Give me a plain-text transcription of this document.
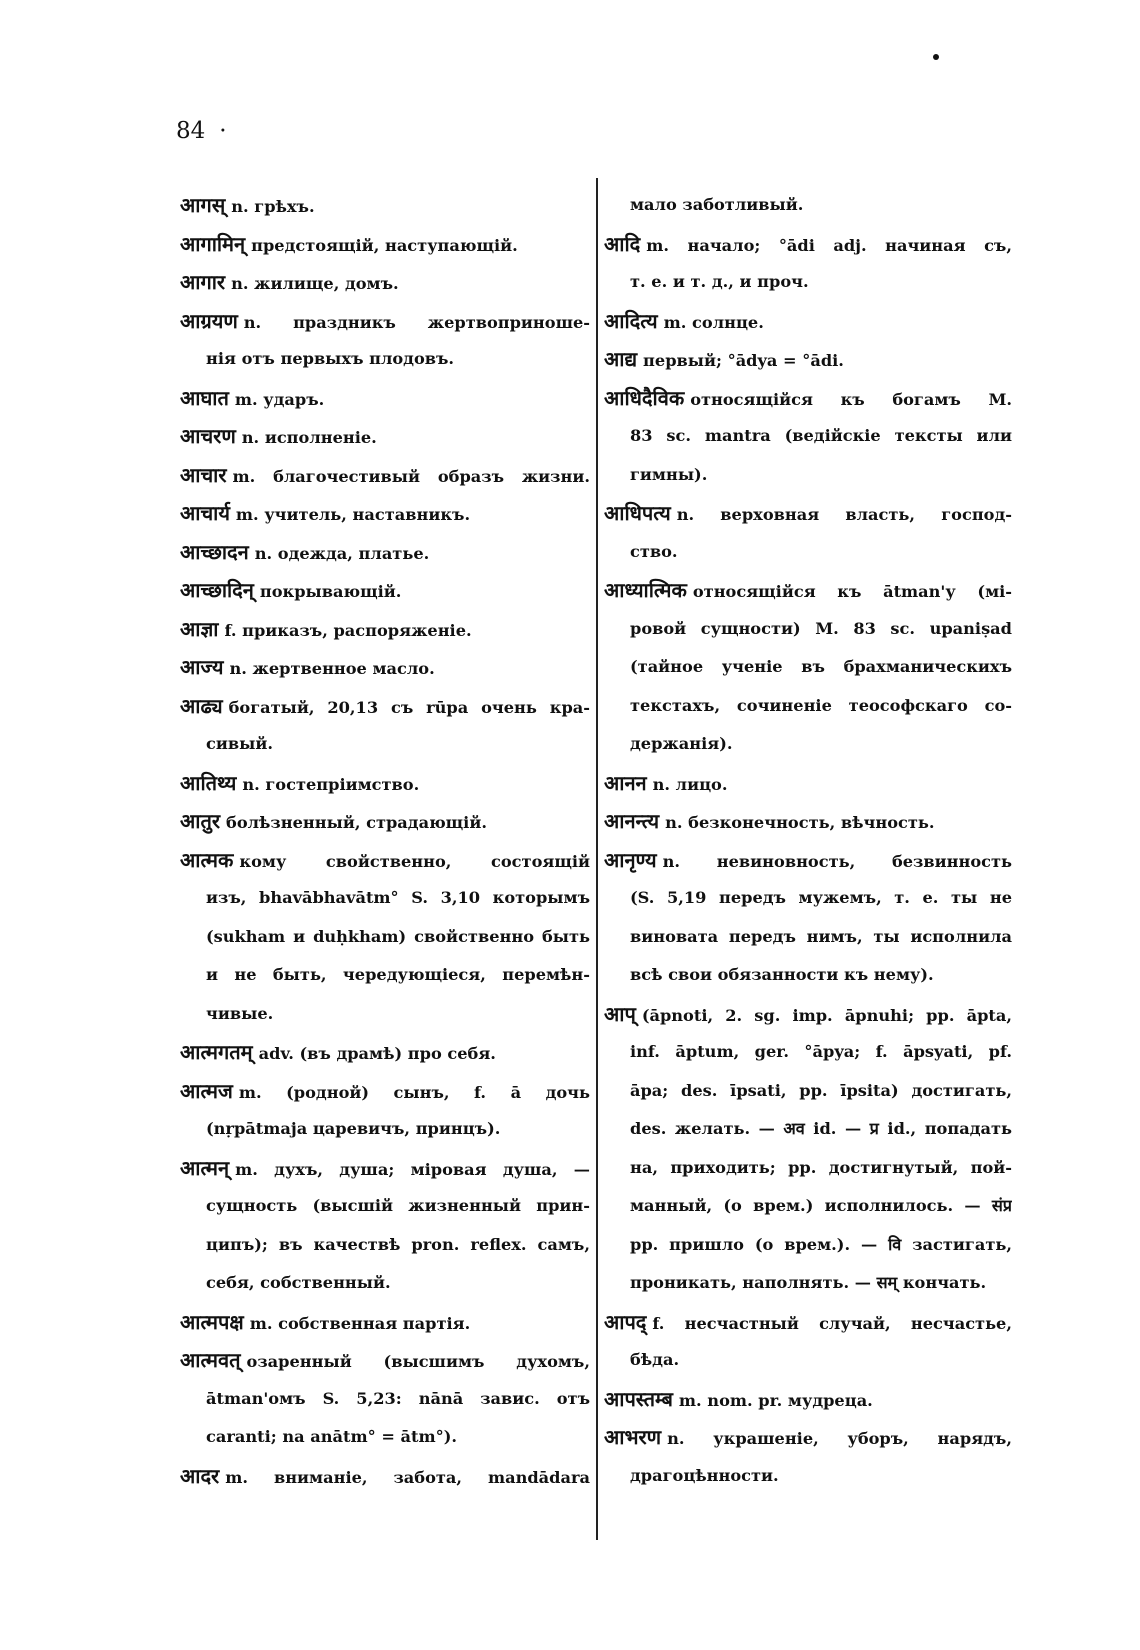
84 ·
आगस् n. грѣхъ.
आगामिन् предстоящій, наступающій.
आगार n. жилище, домъ.
आग्रयण n. праздникъ жертвоприноше-
нія отъ первыхъ плодовъ.
आघात m. ударъ.
आचरण n. исполненіе.
आचार m. благочестивый образъ жизни.
आचार्य m. учитель, наставникъ.
आच्छादन n. одежда, платье.
आच्छादिन् покрывающій.
आज्ञा f. приказъ, распоряженіе.
आज्य n. жертвенное масло.
आढ्य богатый, 20,13 съ rūpa очень кра-
сивый.
आतिथ्य n. гостепріимство.
आतुर болѣзненный, страдающій.
आत्मक кому свойственно, состоящій
изъ, bhavābhavātm° S. 3,10 которымъ
(sukham и duḥkham) свойственно быть
и не быть, чередующіеся, перемѣн-
чивые.
आत्मगतम् adv. (въ драмѣ) про себя.
आत्मज m. (родной) сынъ, f. ā дочь
(nṛpātmaja царевичъ, принцъ).
आत्मन् m. духъ, душа; міровая душа, —
сущность (высшій жизненный прин-
ципъ); въ качествѣ pron. reflex. самъ,
себя, собственный.
आत्मपक्ष m. собственная партія.
आत्मवत् озаренный (высшимъ духомъ,
ātman'омъ S. 5,23: nānā завис. отъ
caranti; na anātm° = ātm°).
आदर m. вниманіе, забота, mandādara
мало заботливый.
आदि m. начало; °ādi adj. начиная съ,
т. е. и т. д., и проч.
आदित्य m. солнце.
आद्य первый; °ādya = °ādi.
आधिदैविक относящійся къ богамъ M.
83 sc. mantra (ведійскіе тексты или
гимны).
आधिपत्य n. верховная власть, господ-
ство.
आध्यात्मिक относящійся къ ātman'у (мі-
ровой сущности) M. 83 sc. upaniṣad
(тайное ученіе въ брахманическихъ
текстахъ, сочиненіе теософскаго со-
держанія).
आनन n. лицо.
आनन्त्य n. безконечность, вѣчность.
आनृण्य n. невиновность, безвинность
(S. 5,19 передъ мужемъ, т. е. ты не
виновата передъ нимъ, ты исполнила
всѣ свои обязанности къ нему).
आप् (āpnoti, 2. sg. imp. āpnuhi; pp. āpta,
inf. āptum, ger. °āpya; f. āpsyati, pf.
āpa; des. īpsati, pp. īpsita) достигать,
des. желать. — अव id. — प्र id., попадать
на, приходить; pp. достигнутый, пой-
манный, (о врем.) исполнилось. — संप्र
pp. пришло (о врем.). — वि застигать,
проникать, наполнять. — सम् кончать.
आपद् f. несчастный случай, несчастье,
бѣда.
आपस्तम्ब m. nom. pr. мудреца.
आभरण n. украшеніе, уборъ, нарядъ,
драгоцѣнности.
